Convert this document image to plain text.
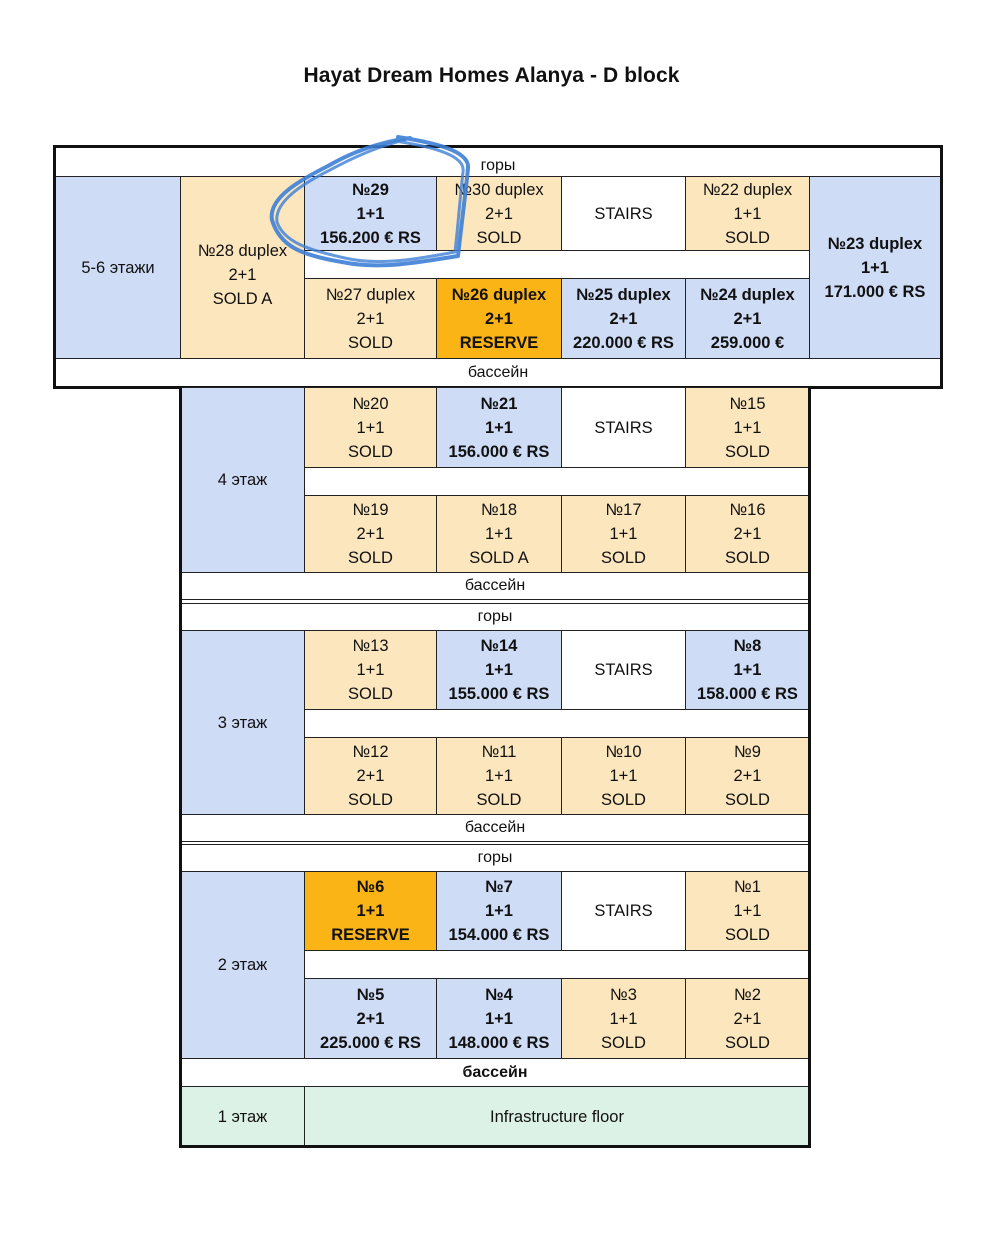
Hayat Dream Homes Alanya - D block
горы
5-6 этажи
№28 duplex
2+1
SOLD A
№29
1+1
156.200 € RS
№30 duplex
2+1
SOLD
STAIRS
№22 duplex
1+1
SOLD	№23 duplex
1+1
171.000 € RS
№27 duplex
2+1
SOLD
№26 duplex
2+1
RESERVE
№25 duplex
2+1
220.000 € RS
№24 duplex
2+1
259.000 €
бассейн
4 этаж
№20
1+1
SOLD
№21
1+1
156.000 € RS
STAIRS
№15
1+1
SOLD
№19
2+1
SOLD
№18
1+1
SOLD A
№17
1+1
SOLD
№16
2+1
SOLD
бассейн
горы
3 этаж
№13
1+1
SOLD
№14
1+1
155.000 € RS
STAIRS
№8
1+1
158.000 € RS
№12
2+1
SOLD
№11
1+1
SOLD
№10
1+1
SOLD
№9
2+1
SOLD
бассейн
горы
2 этаж
№6
1+1
RESERVE
№7
1+1
154.000 € RS
STAIRS
№1
1+1
SOLD
№5
2+1
225.000 € RS
№4
1+1
148.000 € RS
№3
1+1
SOLD
№2
2+1
SOLD
бассейн
1 этаж	Infrastructure floor
